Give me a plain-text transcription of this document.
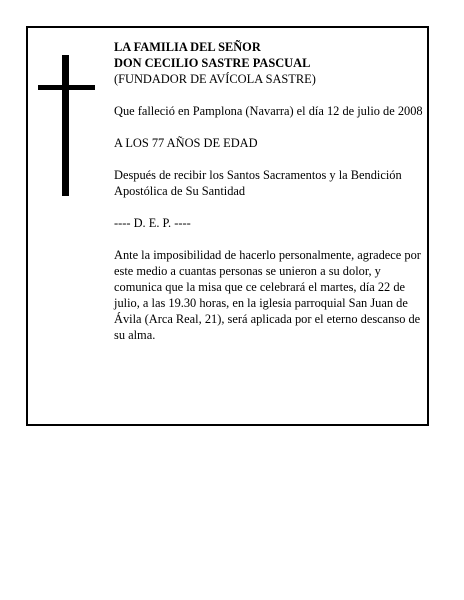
LA FAMILIA DEL SEÑOR
DON CECILIO SASTRE PASCUAL
(FUNDADOR DE AVÍCOLA SASTRE)

Que falleció en Pamplona (Navarra) el día 12 de julio de 2008

A LOS 77 AÑOS DE EDAD

Después de recibir los Santos Sacramentos y la Bendición Apostólica de Su Santidad

---- D. E. P. ----

Ante la imposibilidad de hacerlo personalmente, agradece por este medio a cuantas personas se unieron a su dolor, y comunica que la misa que ce celebrará el martes, día 22 de julio, a las 19.30 horas, en la iglesia parroquial San Juan de Ávila (Arca Real, 21), será aplicada por el eterno descanso de su alma.
